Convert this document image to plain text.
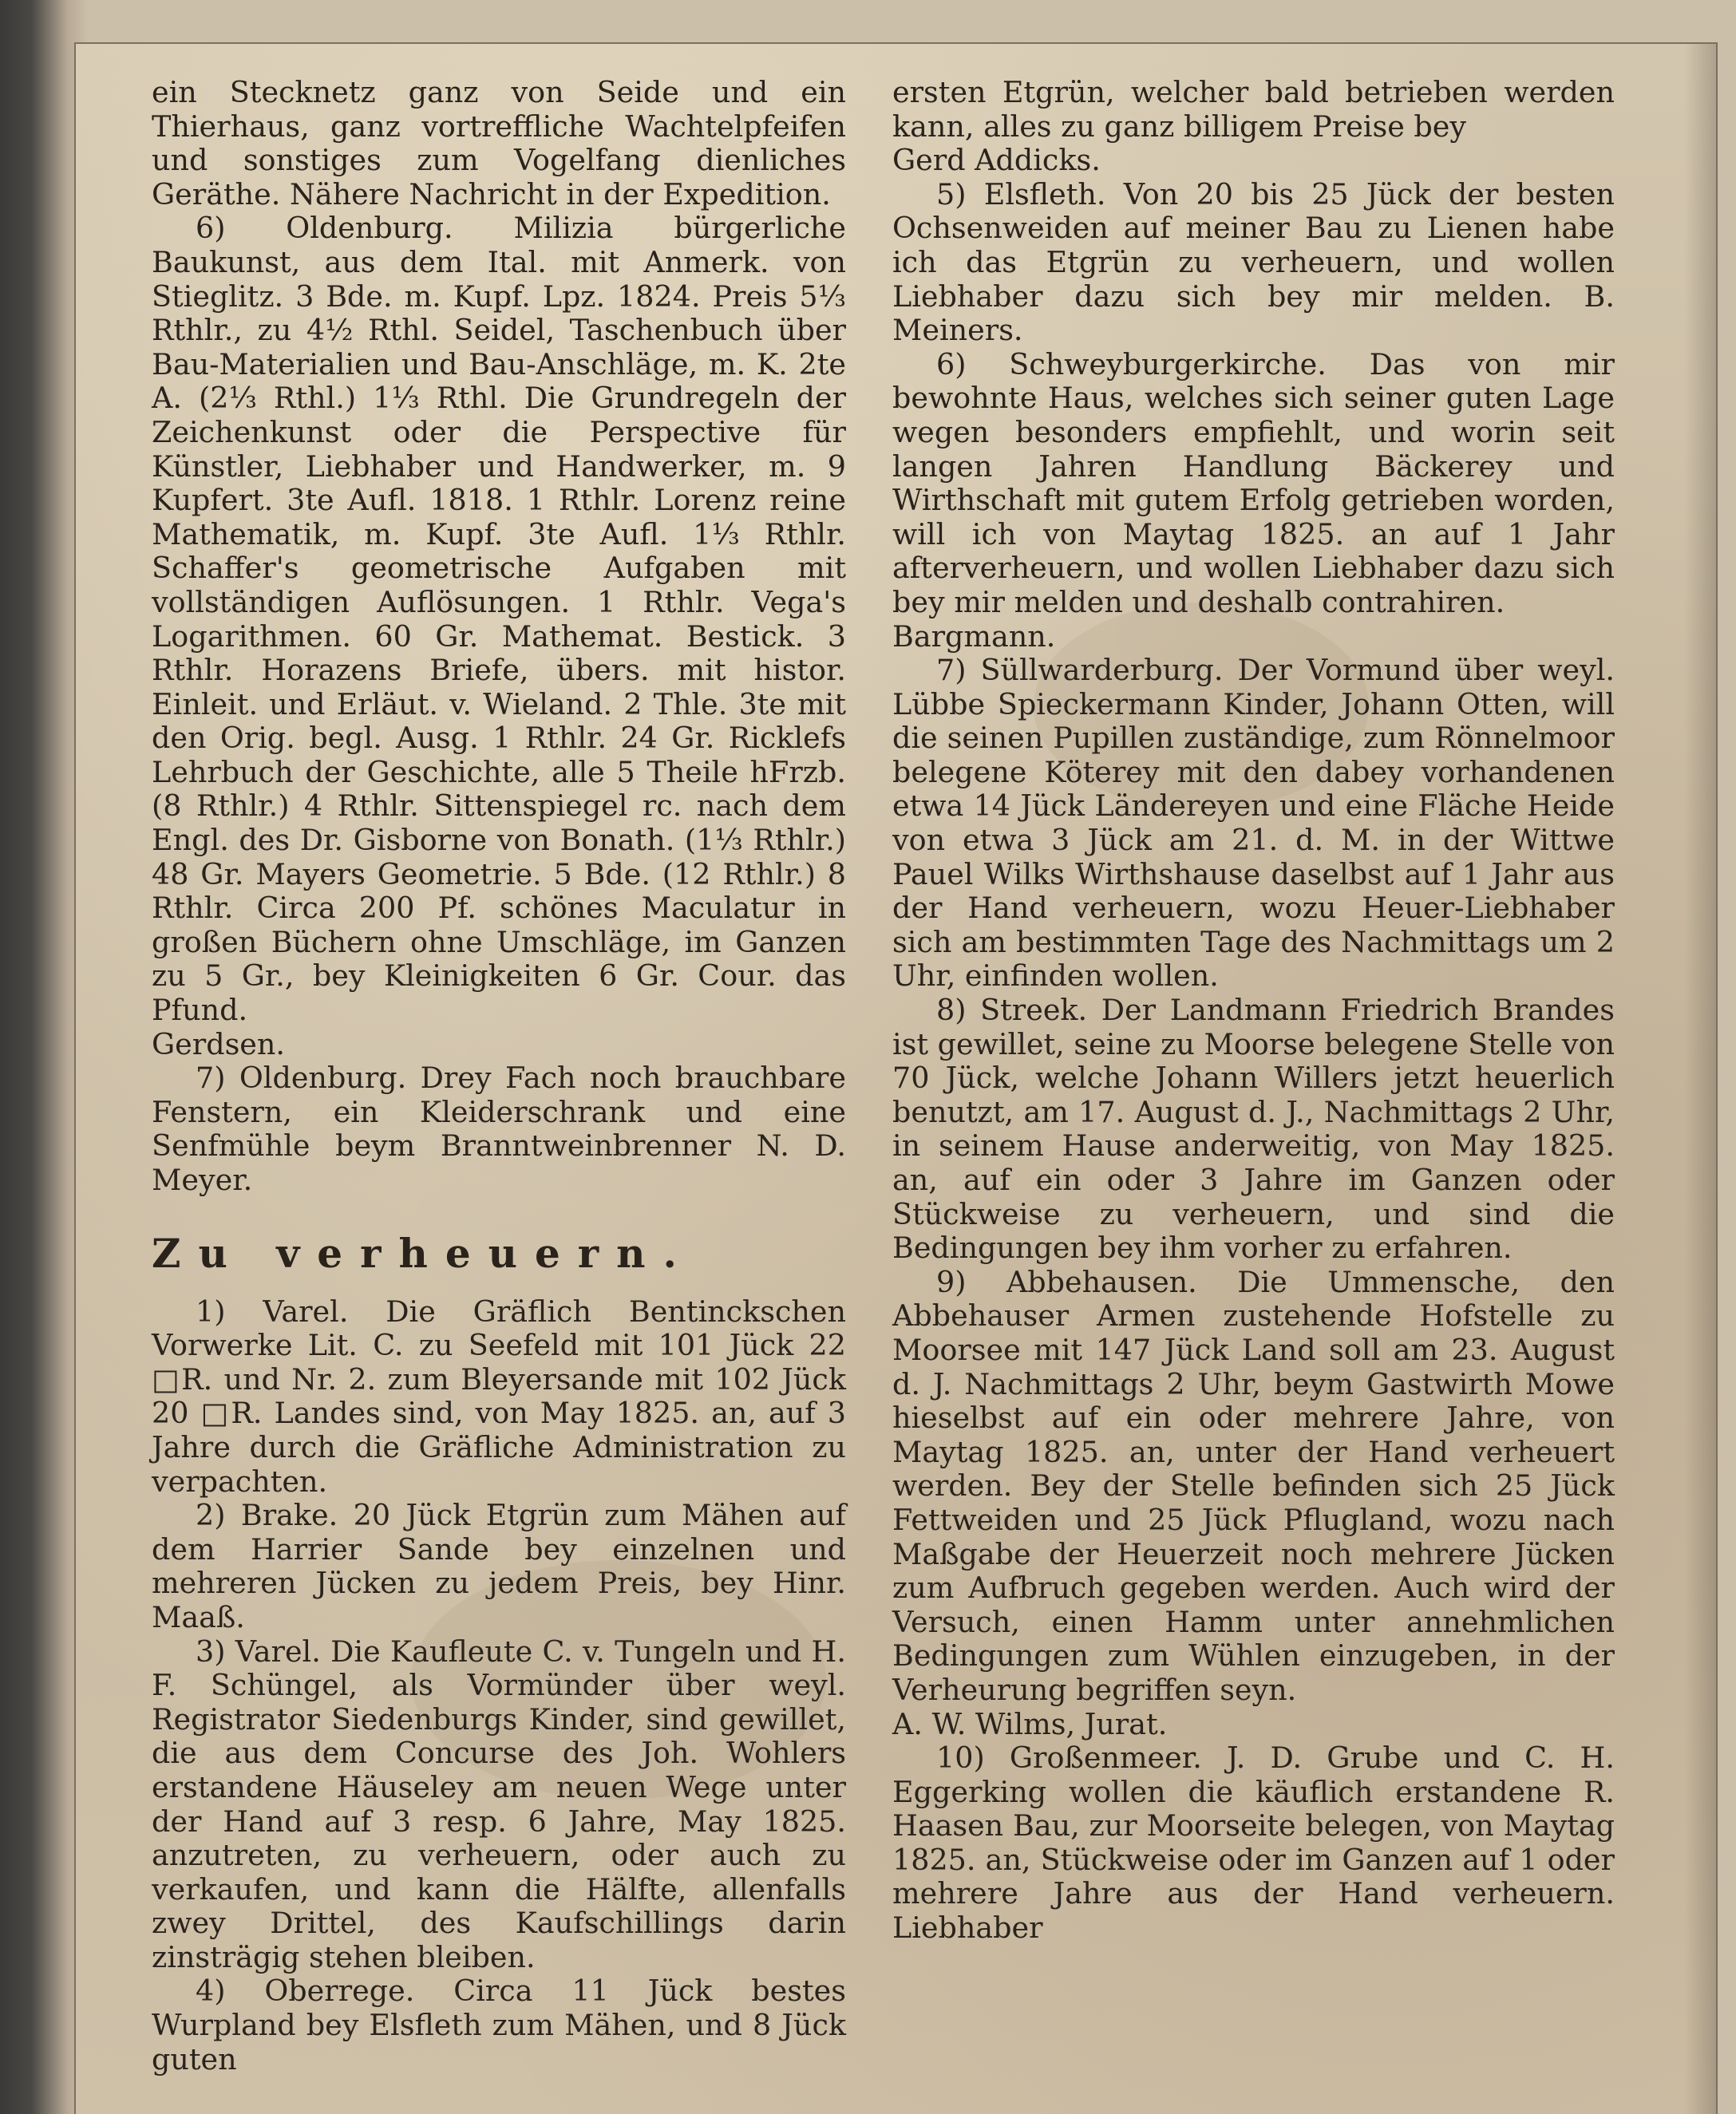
ein Stecknetz ganz von Seide und ein Thierhaus, ganz vortreffliche Wachtelpfeifen und sonstiges zum Vogelfang dienliches Geräthe. Nähere Nachricht in der Expedition.

6) Oldenburg. Milizia bürgerliche Baukunst, aus dem Ital. mit Anmerk. von Stieglitz. 3 Bde. m. Kupf. Lpz. 1824. Preis 5⅓ Rthlr., zu 4½ Rthl. Seidel, Taschenbuch über Bau-Materialien und Bau-Anschläge, m. K. 2te A. (2⅓ Rthl.) 1⅓ Rthl. Die Grundregeln der Zeichenkunst oder die Perspective für Künstler, Liebhaber und Handwerker, m. 9 Kupfert. 3te Aufl. 1818. 1 Rthlr. Lorenz reine Mathematik, m. Kupf. 3te Aufl. 1⅓ Rthlr. Schaffer's geometrische Aufgaben mit vollständigen Auflösungen. 1 Rthlr. Vega's Logarithmen. 60 Gr. Mathemat. Bestick. 3 Rthlr. Horazens Briefe, übers. mit histor. Einleit. und Erläut. v. Wieland. 2 Thle. 3te mit den Orig. begl. Ausg. 1 Rthlr. 24 Gr. Ricklefs Lehrbuch der Geschichte, alle 5 Theile hFrzb. (8 Rthlr.) 4 Rthlr. Sittenspiegel rc. nach dem Engl. des Dr. Gisborne von Bonath. (1⅓ Rthlr.) 48 Gr. Mayers Geometrie. 5 Bde. (12 Rthlr.) 8 Rthlr. Circa 200 Pf. schönes Maculatur in großen Büchern ohne Umschläge, im Ganzen zu 5 Gr., bey Kleinigkeiten 6 Gr. Cour. das Pfund.

Gerdsen.

7) Oldenburg. Drey Fach noch brauchbare Fenstern, ein Kleiderschrank und eine Senfmühle beym Branntweinbrenner N. D. Meyer.

Zu verheuern.

1) Varel. Die Gräflich Bentinckschen Vorwerke Lit. C. zu Seefeld mit 101 Jück 22 □R. und Nr. 2. zum Bleyersande mit 102 Jück 20 □R. Landes sind, von May 1825. an, auf 3 Jahre durch die Gräfliche Administration zu verpachten.

2) Brake. 20 Jück Etgrün zum Mähen auf dem Harrier Sande bey einzelnen und mehreren Jücken zu jedem Preis, bey Hinr. Maaß.

3) Varel. Die Kaufleute C. v. Tungeln und H. F. Schüngel, als Vormünder über weyl. Registrator Siedenburgs Kinder, sind gewillet, die aus dem Concurse des Joh. Wohlers erstandene Häuseley am neuen Wege unter der Hand auf 3 resp. 6 Jahre, May 1825. anzutreten, zu verheuern, oder auch zu verkaufen, und kann die Hälfte, allenfalls zwey Drittel, des Kaufschillings darin zinsträgig stehen bleiben.

4) Oberrege. Circa 11 Jück bestes Wurpland bey Elsfleth zum Mähen, und 8 Jück guten

ersten Etgrün, welcher bald betrieben werden kann, alles zu ganz billigem Preise bey

Gerd Addicks.

5) Elsfleth. Von 20 bis 25 Jück der besten Ochsenweiden auf meiner Bau zu Lienen habe ich das Etgrün zu verheuern, und wollen Liebhaber dazu sich bey mir melden. B. Meiners.

6) Schweyburgerkirche. Das von mir bewohnte Haus, welches sich seiner guten Lage wegen besonders empfiehlt, und worin seit langen Jahren Handlung Bäckerey und Wirthschaft mit gutem Erfolg getrieben worden, will ich von Maytag 1825. an auf 1 Jahr afterverheuern, und wollen Liebhaber dazu sich bey mir melden und deshalb contrahiren.

Bargmann.

7) Süllwarderburg. Der Vormund über weyl. Lübbe Spieckermann Kinder, Johann Otten, will die seinen Pupillen zuständige, zum Rönnelmoor belegene Köterey mit den dabey vorhandenen etwa 14 Jück Ländereyen und eine Fläche Heide von etwa 3 Jück am 21. d. M. in der Wittwe Pauel Wilks Wirthshause daselbst auf 1 Jahr aus der Hand verheuern, wozu Heuer-Liebhaber sich am bestimmten Tage des Nachmittags um 2 Uhr, einfinden wollen.

8) Streek. Der Landmann Friedrich Brandes ist gewillet, seine zu Moorse belegene Stelle von 70 Jück, welche Johann Willers jetzt heuerlich benutzt, am 17. August d. J., Nachmittags 2 Uhr, in seinem Hause anderweitig, von May 1825. an, auf ein oder 3 Jahre im Ganzen oder Stückweise zu verheuern, und sind die Bedingungen bey ihm vorher zu erfahren.

9) Abbehausen. Die Ummensche, den Abbehauser Armen zustehende Hofstelle zu Moorsee mit 147 Jück Land soll am 23. August d. J. Nachmittags 2 Uhr, beym Gastwirth Mowe hieselbst auf ein oder mehrere Jahre, von Maytag 1825. an, unter der Hand verheuert werden. Bey der Stelle befinden sich 25 Jück Fettweiden und 25 Jück Pflugland, wozu nach Maßgabe der Heuerzeit noch mehrere Jücken zum Aufbruch gegeben werden. Auch wird der Versuch, einen Hamm unter annehmlichen Bedingungen zum Wühlen einzugeben, in der Verheurung begriffen seyn.

A. W. Wilms, Jurat.

10) Großenmeer. J. D. Grube und C. H. Eggerking wollen die käuflich erstandene R. Haasen Bau, zur Moorseite belegen, von Maytag 1825. an, Stückweise oder im Ganzen auf 1 oder mehrere Jahre aus der Hand verheuern. Liebhaber
